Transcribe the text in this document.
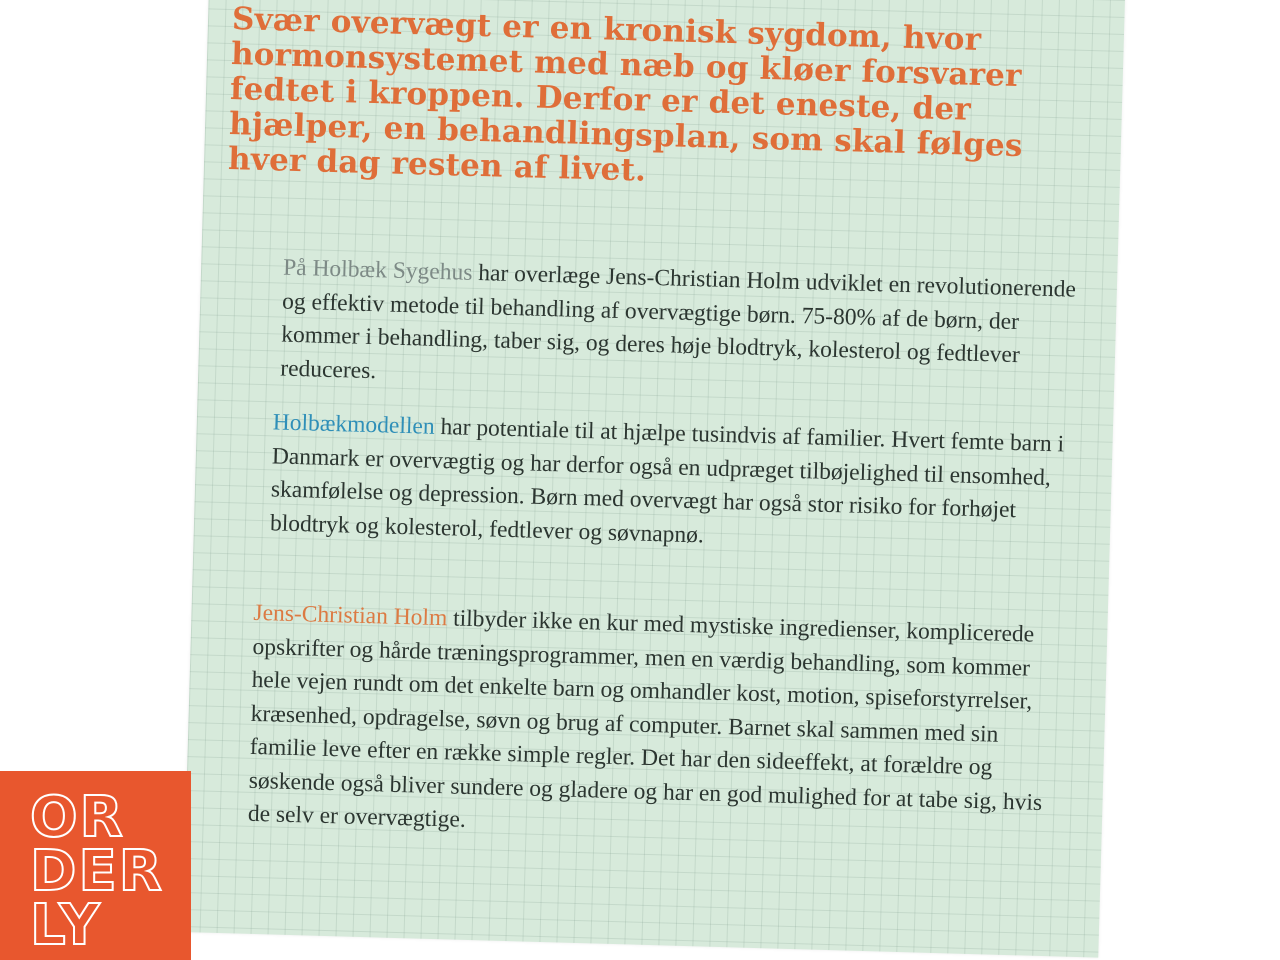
Svær overvægt er en kronisk sygdom, hvor hormonsystemet med næb og kløer forsvarer fedtet i kroppen. Derfor er det eneste, der hjælper, en behandlingsplan, som skal følges hver dag resten af livet.

På Holbæk Sygehus har overlæge Jens-Christian Holm udviklet en revolutionerende og effektiv metode til behandling af overvægtige børn. 75-80% af de børn, der kommer i behandling, taber sig, og deres høje blodtryk, kolesterol og fedtlever reduceres.

Holbækmodellen har potentiale til at hjælpe tusindvis af familier. Hvert femte barn i Danmark er overvægtig og har derfor også en udpræget tilbøjelighed til ensomhed, skamfølelse og depression. Børn med overvægt har også stor risiko for forhøjet blodtryk og kolesterol, fedtlever og søvnapnø.

Jens-Christian Holm tilbyder ikke en kur med mystiske ingredienser, komplicerede opskrifter og hårde træningsprogrammer, men en værdig behandling, som kommer hele vejen rundt om det enkelte barn og omhandler kost, motion, spiseforstyrrelser, kræsenhed, opdragelse, søvn og brug af computer. Barnet skal sammen med sin familie leve efter en række simple regler. Det har den sideeffekt, at forældre og søskende også bliver sundere og gladere og har en god mulighed for at tabe sig, hvis de selv er overvægtige.

OR
DER
LY
